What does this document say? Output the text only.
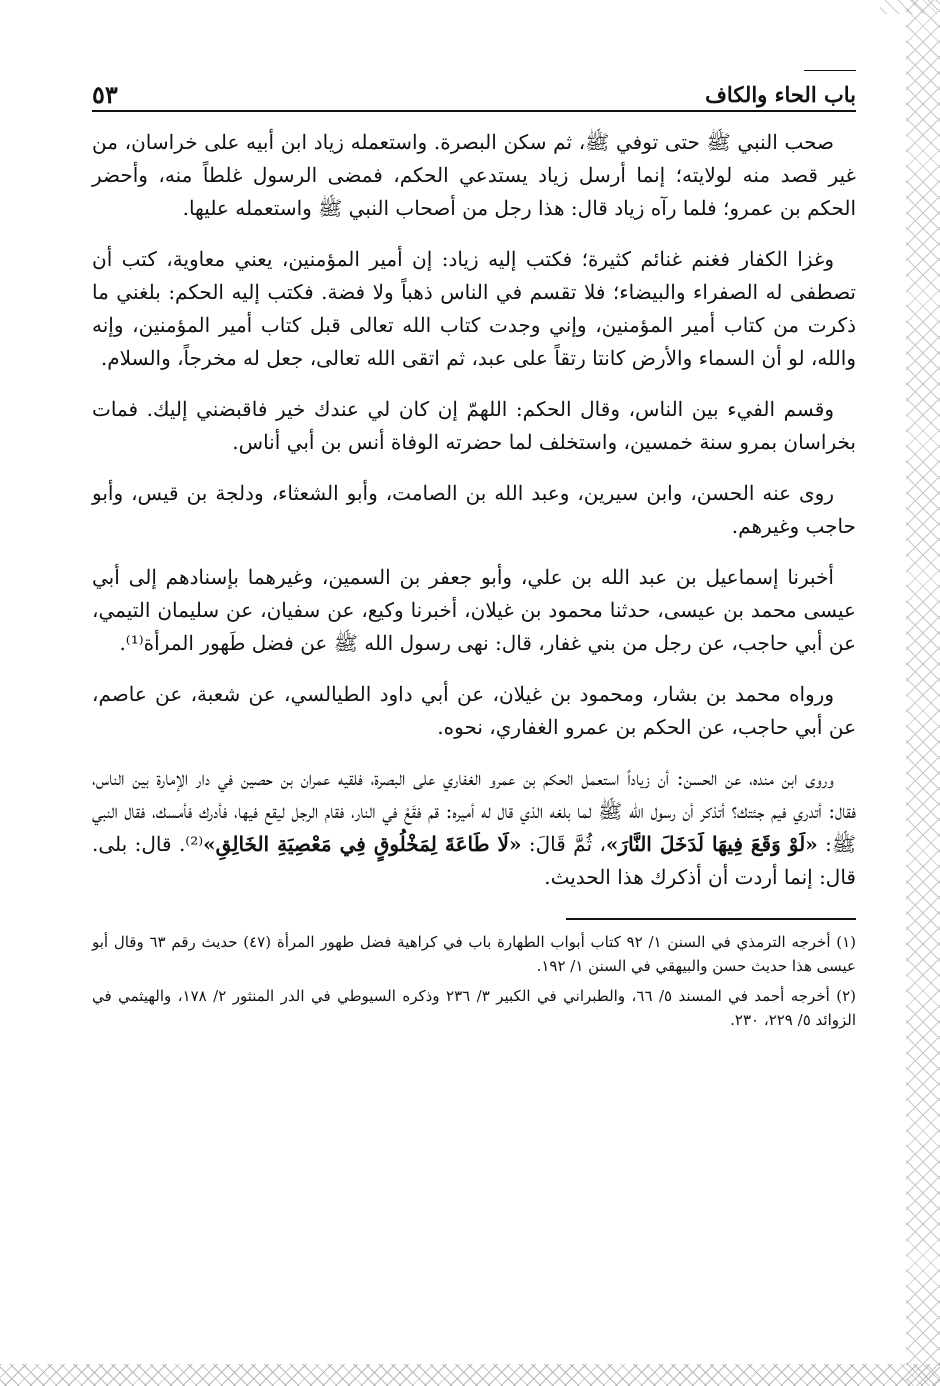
باب الحاء والكاف
٥٣

صحب النبي ﷺ حتى توفي ﷺ، ثم سكن البصرة. واستعمله زياد ابن أبيه على خراسان، من غير قصد منه لولايته؛ إنما أرسل زياد يستدعي الحكم، فمضى الرسول غلطاً منه، وأحضر الحكم بن عمرو؛ فلما رآه زياد قال: هذا رجل من أصحاب النبي ﷺ واستعمله عليها.

وغزا الكفار فغنم غنائم كثيرة؛ فكتب إليه زياد: إن أمير المؤمنين، يعني معاوية، كتب أن تصطفى له الصفراء والبيضاء؛ فلا تقسم في الناس ذهباً ولا فضة. فكتب إليه الحكم: بلغني ما ذكرت من كتاب أمير المؤمنين، وإني وجدت كتاب الله تعالى قبل كتاب أمير المؤمنين، وإنه والله، لو أن السماء والأرض كانتا رتقاً على عبد، ثم اتقى الله تعالى، جعل له مخرجاً، والسلام.

وقسم الفيء بين الناس، وقال الحكم: اللهمّ إن كان لي عندك خير فاقبضني إليك. فمات بخراسان بمرو سنة خمسين، واستخلف لما حضرته الوفاة أنس بن أبي أناس.

روى عنه الحسن، وابن سيرين، وعبد الله بن الصامت، وأبو الشعثاء، ودلجة بن قيس، وأبو حاجب وغيرهم.

أخبرنا إسماعيل بن عبد الله بن علي، وأبو جعفر بن السمين، وغيرهما بإسنادهم إلى أبي عيسى محمد بن عيسى، حدثنا محمود بن غيلان، أخبرنا وكيع، عن سفيان، عن سليمان التيمي، عن أبي حاجب، عن رجل من بني غفار، قال: نهى رسول الله ﷺ عن فضل طَهور المرأة⁽¹⁾.

ورواه محمد بن بشار، ومحمود بن غيلان، عن أبي داود الطيالسي، عن شعبة، عن عاصم، عن أبي حاجب، عن الحكم بن عمرو الغفاري، نحوه.

وروى ابن منده، عن الحسن: أن زياداً استعمل الحكم بن عمرو الغفاري على البصرة، فلقيه عمران بن حصين في دار الإمارة بين الناس، فقال: أتدري فيم جئتك؟ أتذكر أن رسول الله ﷺ لما بلغه الذي قال له أميره: قم فقَعْ في النار، فقام الرجل ليقع فيها، فأدرك فأمسك، فقال النبي ﷺ: «لَوْ وَقَعَ فِيهَا لَدَخَلَ النَّارَ»، ثُمَّ قَالَ: «لَا طَاعَةَ لِمَخْلُوقٍ فِي مَعْصِيَةِ الخَالِقِ»⁽²⁾. قال: بلى. قال: إنما أردت أن أذكرك هذا الحديث.

(١) أخرجه الترمذي في السنن ١/ ٩٢ كتاب أبواب الطهارة باب في كراهية فضل طهور المرأة (٤٧) حديث رقم ٦٣ وقال أبو عيسى هذا حديث حسن والبيهقي في السنن ١/ ١٩٢.

(٢) أخرجه أحمد في المسند ٥/ ٦٦، والطبراني في الكبير ٣/ ٢٣٦ وذكره السيوطي في الدر المنثور ٢/ ١٧٨، والهيثمي في الزوائد ٥/ ٢٢٩، ٢٣٠.
